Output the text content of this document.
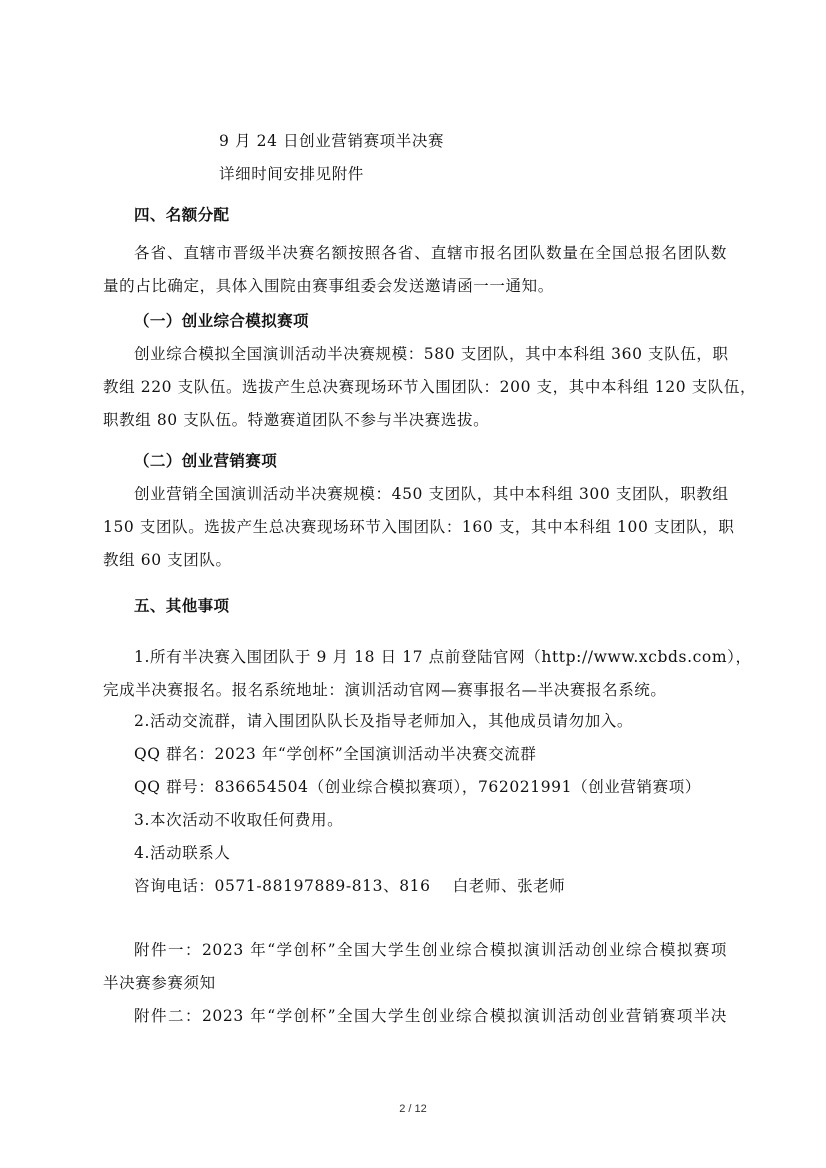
9 月 24 日创业营销赛项半决赛
详细时间安排见附件
四、名额分配
各省、直辖市晋级半决赛名额按照各省、直辖市报名团队数量在全国总报名团队数
量的占比确定，具体入围院由赛事组委会发送邀请函一一通知。
（一）创业综合模拟赛项
创业综合模拟全国演训活动半决赛规模：580 支团队，其中本科组 360 支队伍，职
教组 220 支队伍。选拔产生总决赛现场环节入围团队：200 支，其中本科组 120 支队伍，
职教组 80 支队伍。特邀赛道团队不参与半决赛选拔。
（二）创业营销赛项
创业营销全国演训活动半决赛规模：450 支团队，其中本科组 300 支团队，职教组
150 支团队。选拔产生总决赛现场环节入围团队：160 支，其中本科组 100 支团队，职
教组 60 支团队。
五、其他事项
1.所有半决赛入围团队于 9 月 18 日 17 点前登陆官网（http://www.xcbds.com），
完成半决赛报名。报名系统地址：演训活动官网—赛事报名—半决赛报名系统。
2.活动交流群，请入围团队队长及指导老师加入，其他成员请勿加入。
QQ 群名：2023 年“学创杯”全国演训活动半决赛交流群
QQ 群号：836654504（创业综合模拟赛项），762021991（创业营销赛项）
3.本次活动不收取任何费用。
4.活动联系人
咨询电话：0571-88197889-813、816    白老师、张老师
附件一：2023 年“学创杯”全国大学生创业综合模拟演训活动创业综合模拟赛项
半决赛参赛须知
附件二：2023 年“学创杯”全国大学生创业综合模拟演训活动创业营销赛项半决
2 / 12
